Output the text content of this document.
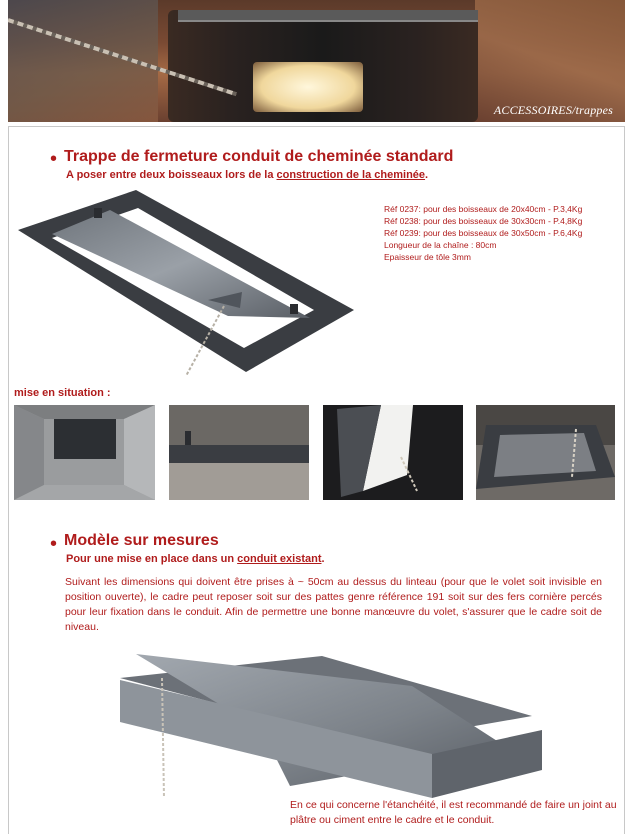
ACCESSOIRES/trappes
• Trappe de fermeture conduit de cheminée standard
A poser entre deux boisseaux lors de la construction de la cheminée.
Réf 0237: pour des boisseaux de 20x40cm - P.3,4Kg
Réf 0238: pour des boisseaux de 30x30cm - P.4,8Kg
Réf 0239: pour des boisseaux de 30x50cm - P.6,4Kg
Longueur de la chaîne : 80cm
Epaisseur de tôle 3mm
mise en situation :
• Modèle sur mesures
Pour une mise en place dans un conduit existant.
Suivant les dimensions qui doivent être prises à ~ 50cm au dessus du linteau (pour que le volet soit invisible en position ouverte), le cadre peut reposer soit sur des pattes genre référence 191 soit sur des fers cornière percés pour leur fixation dans le conduit. Afin de permettre une bonne manœuvre du volet, s'assurer que le cadre soit de niveau.
En ce qui concerne l'étanchéité, il est recommandé de faire un joint au plâtre ou ciment entre le cadre et le conduit.
